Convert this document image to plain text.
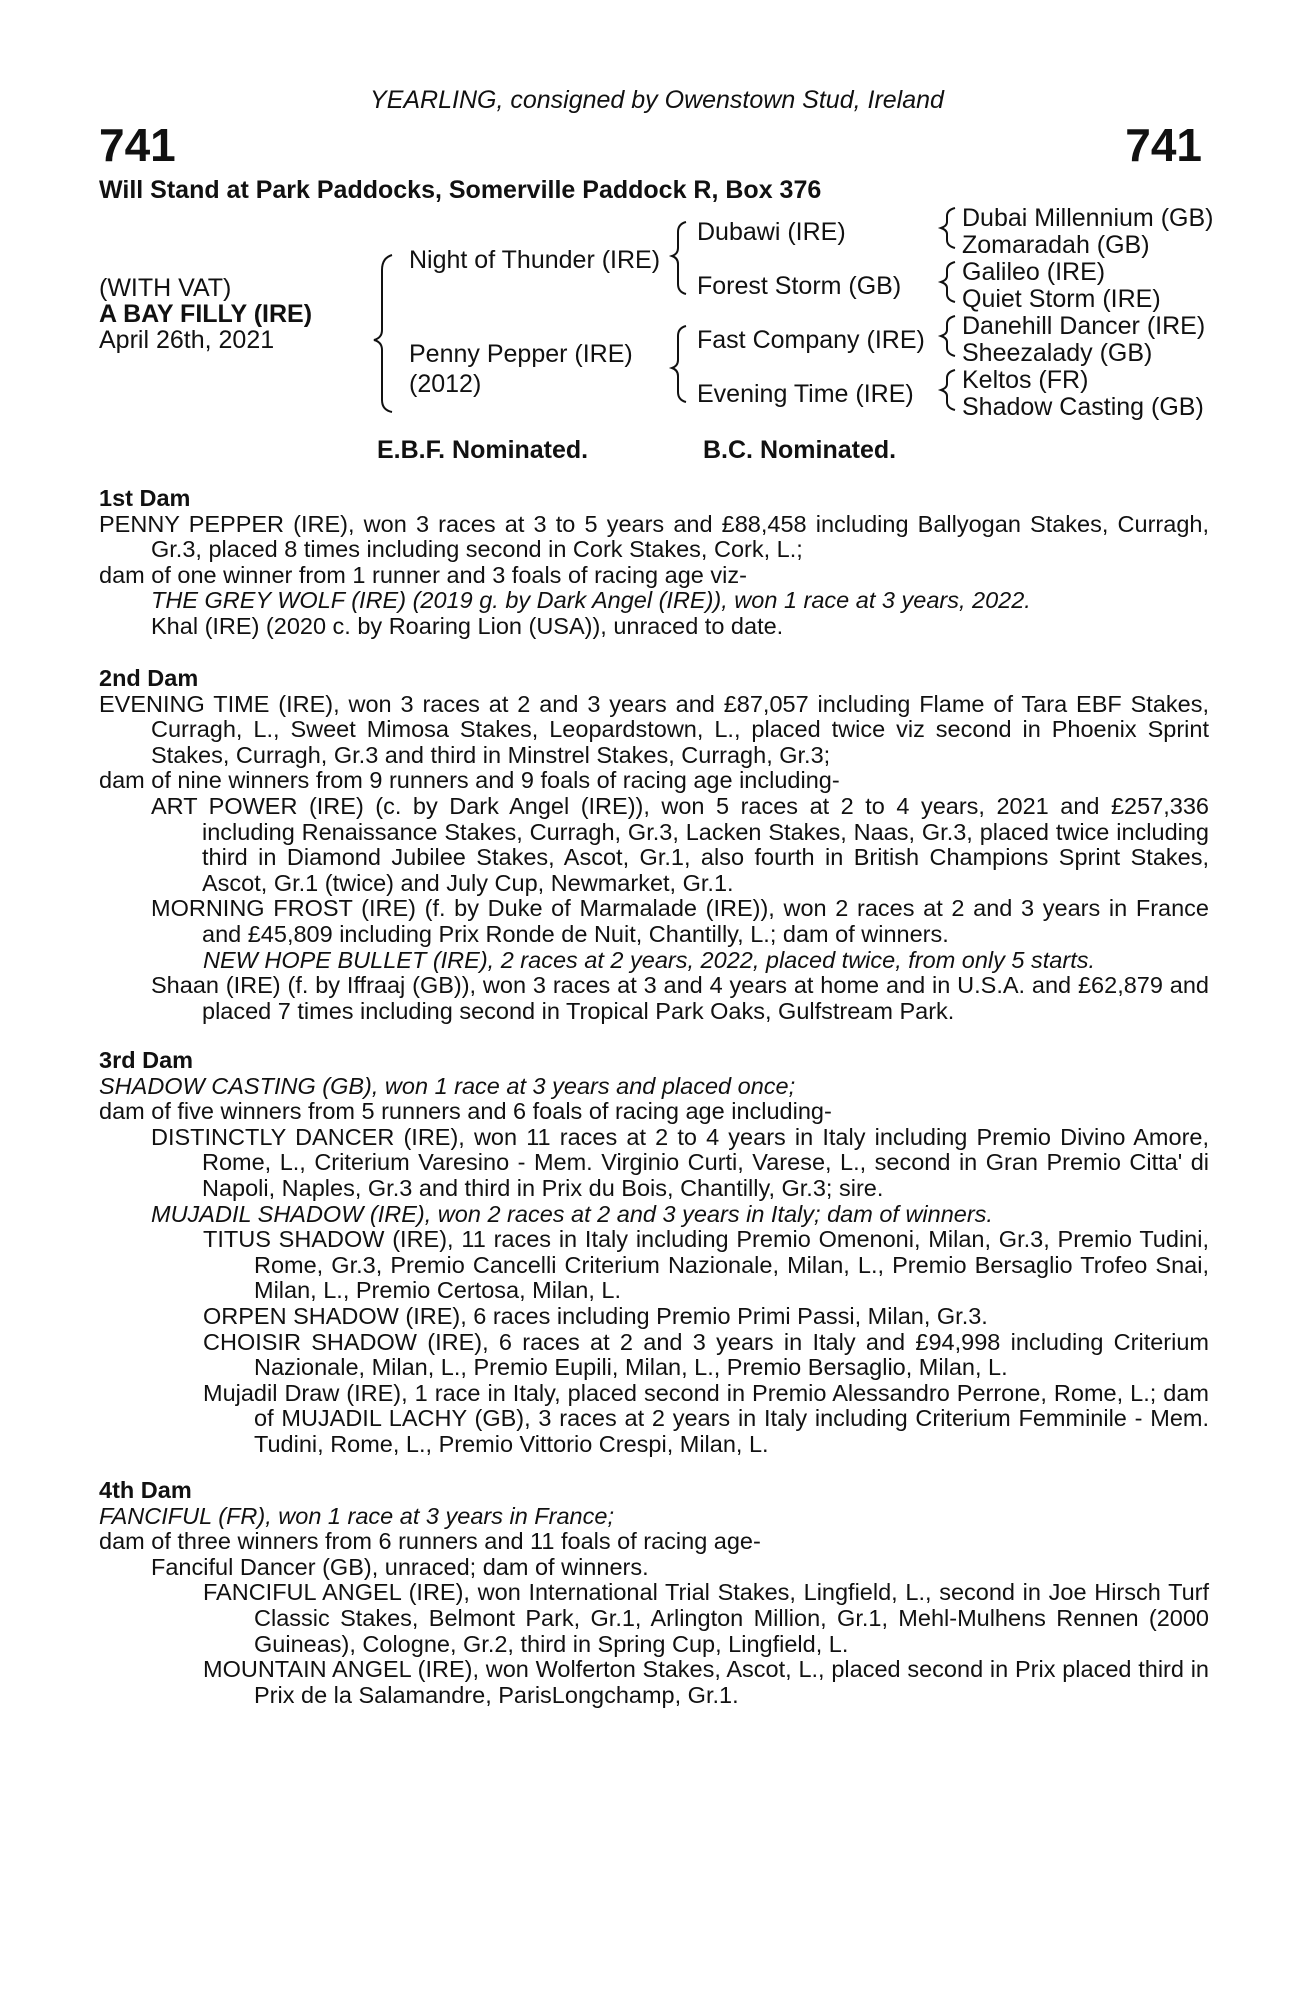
741	741
YEARLING, consigned by Owenstown Stud, Ireland
Will Stand at Park Paddocks, Somerville Paddock R, Box 376
(WITH VAT)
A BAY FILLY (IRE)
April 26th, 2021
Night of Thunder (IRE)
Penny Pepper (IRE)
(2012)
Dubawi (IRE)
Forest Storm (GB)
Fast Company (IRE)
Evening Time (IRE)
Dubai Millennium (GB)
Zomaradah (GB)
Galileo (IRE)
Quiet Storm (IRE)
Danehill Dancer (IRE)
Sheezalady (GB)
Keltos (FR)
Shadow Casting (GB)
E.B.F. Nominated.	B.C. Nominated.
1st Dam
PENNY PEPPER (IRE), won 3 races at 3 to 5 years and £88,458 including Ballyogan Stakes, Curragh, Gr.3, placed 8 times including second in Cork Stakes, Cork, L.;
dam of one winner from 1 runner and 3 foals of racing age viz-
THE GREY WOLF (IRE) (2019 g. by Dark Angel (IRE)), won 1 race at 3 years, 2022.
Khal (IRE) (2020 c. by Roaring Lion (USA)), unraced to date.
2nd Dam
EVENING TIME (IRE), won 3 races at 2 and 3 years and £87,057 including Flame of Tara EBF Stakes, Curragh, L., Sweet Mimosa Stakes, Leopardstown, L., placed twice viz second in Phoenix Sprint Stakes, Curragh, Gr.3 and third in Minstrel Stakes, Curragh, Gr.3;
dam of nine winners from 9 runners and 9 foals of racing age including-
ART POWER (IRE) (c. by Dark Angel (IRE)), won 5 races at 2 to 4 years, 2021 and £257,336 including Renaissance Stakes, Curragh, Gr.3, Lacken Stakes, Naas, Gr.3, placed twice including third in Diamond Jubilee Stakes, Ascot, Gr.1, also fourth in British Champions Sprint Stakes, Ascot, Gr.1 (twice) and July Cup, Newmarket, Gr.1.
MORNING FROST (IRE) (f. by Duke of Marmalade (IRE)), won 2 races at 2 and 3 years in France and £45,809 including Prix Ronde de Nuit, Chantilly, L.; dam of winners.
NEW HOPE BULLET (IRE), 2 races at 2 years, 2022, placed twice, from only 5 starts.
Shaan (IRE) (f. by Iffraaj (GB)), won 3 races at 3 and 4 years at home and in U.S.A. and £62,879 and placed 7 times including second in Tropical Park Oaks, Gulfstream Park.
3rd Dam
SHADOW CASTING (GB), won 1 race at 3 years and placed once;
dam of five winners from 5 runners and 6 foals of racing age including-
DISTINCTLY DANCER (IRE), won 11 races at 2 to 4 years in Italy including Premio Divino Amore, Rome, L., Criterium Varesino - Mem. Virginio Curti, Varese, L., second in Gran Premio Citta' di Napoli, Naples, Gr.3 and third in Prix du Bois, Chantilly, Gr.3; sire.
MUJADIL SHADOW (IRE), won 2 races at 2 and 3 years in Italy; dam of winners.
TITUS SHADOW (IRE), 11 races in Italy including Premio Omenoni, Milan, Gr.3, Premio Tudini, Rome, Gr.3, Premio Cancelli Criterium Nazionale, Milan, L., Premio Bersaglio Trofeo Snai, Milan, L., Premio Certosa, Milan, L.
ORPEN SHADOW (IRE), 6 races including Premio Primi Passi, Milan, Gr.3.
CHOISIR SHADOW (IRE), 6 races at 2 and 3 years in Italy and £94,998 including Criterium Nazionale, Milan, L., Premio Eupili, Milan, L., Premio Bersaglio, Milan, L.
Mujadil Draw (IRE), 1 race in Italy, placed second in Premio Alessandro Perrone, Rome, L.; dam of MUJADIL LACHY (GB), 3 races at 2 years in Italy including Criterium Femminile - Mem. Tudini, Rome, L., Premio Vittorio Crespi, Milan, L.
4th Dam
FANCIFUL (FR), won 1 race at 3 years in France;
dam of three winners from 6 runners and 11 foals of racing age-
Fanciful Dancer (GB), unraced; dam of winners.
FANCIFUL ANGEL (IRE), won International Trial Stakes, Lingfield, L., second in Joe Hirsch Turf Classic Stakes, Belmont Park, Gr.1, Arlington Million, Gr.1, Mehl-Mulhens Rennen (2000 Guineas), Cologne, Gr.2, third in Spring Cup, Lingfield, L.
MOUNTAIN ANGEL (IRE), won Wolferton Stakes, Ascot, L., placed second in Prix placed third in Prix de la Salamandre, ParisLongchamp, Gr.1.
